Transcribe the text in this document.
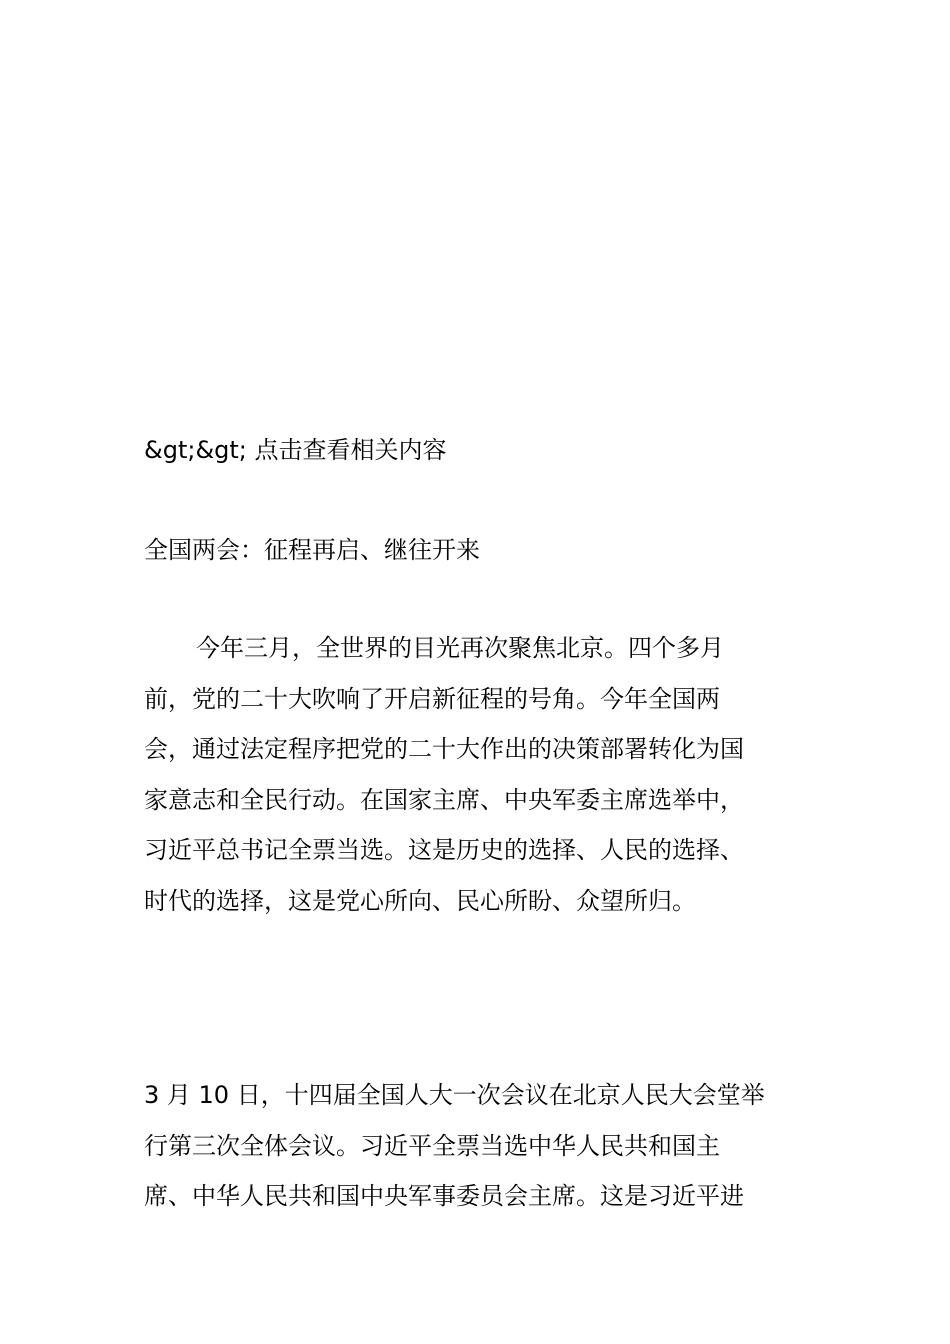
&gt;&gt; 点击查看相关内容

全国两会：征程再启、继往开来

今年三月，全世界的目光再次聚焦北京。四个多月
前，党的二十大吹响了开启新征程的号角。今年全国两
会，通过法定程序把党的二十大作出的决策部署转化为国
家意志和全民行动。在国家主席、中央军委主席选举中，
习近平总书记全票当选。这是历史的选择、人民的选择、
时代的选择，这是党心所向、民心所盼、众望所归。
3 月 10 日，十四届全国人大一次会议在北京人民大会堂举
行第三次全体会议。习近平全票当选中华人民共和国主
席、中华人民共和国中央军事委员会主席。这是习近平进
